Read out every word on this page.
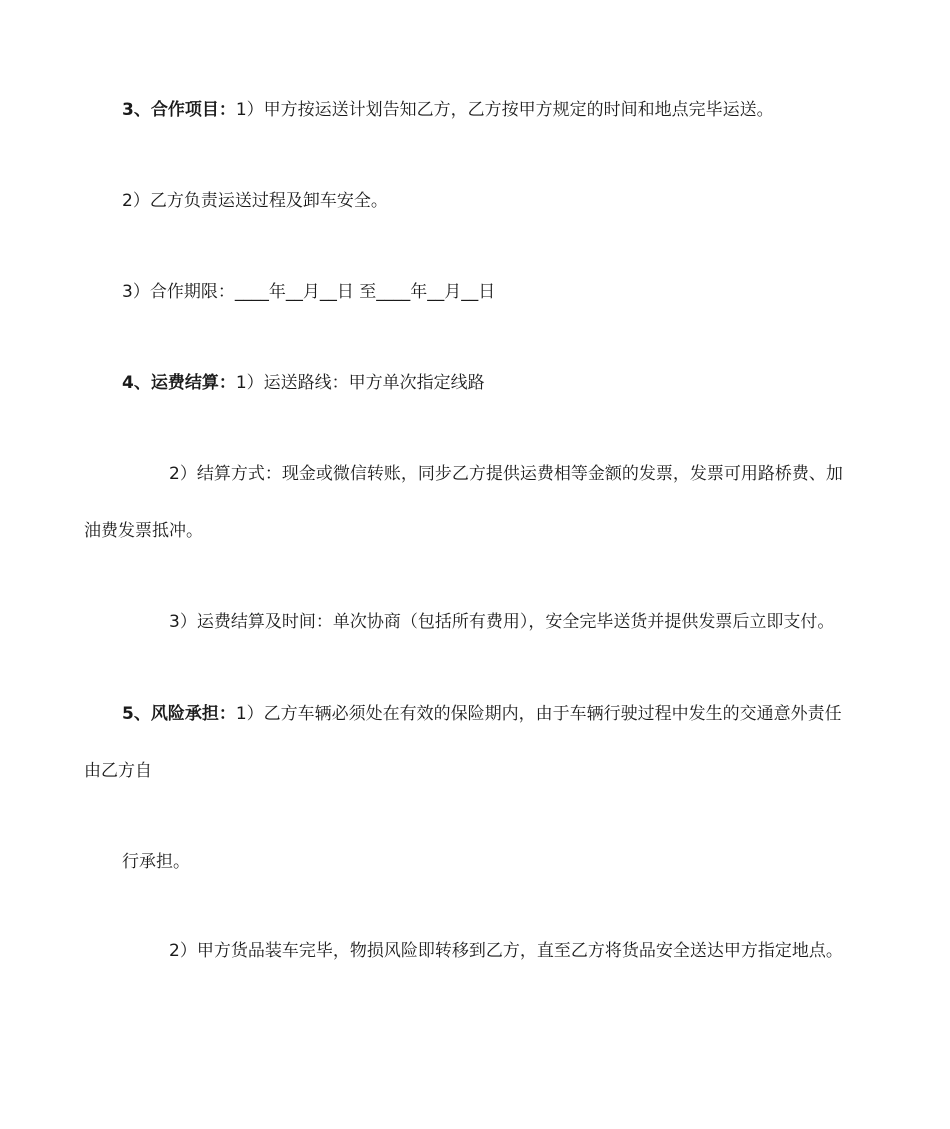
3、合作项目：1）甲方按运送计划告知乙方，乙方按甲方规定的时间和地点完毕运送。
2）乙方负责运送过程及卸车安全。
3）合作期限：____年__月__日 至____年__月__日
4、运费结算：1）运送路线：甲方单次指定线路
2）结算方式：现金或微信转账，同步乙方提供运费相等金额的发票，发票可用路桥费、加
油费发票抵冲。
3）运费结算及时间：单次协商（包括所有费用），安全完毕送货并提供发票后立即支付。
5、风险承担：1）乙方车辆必须处在有效的保险期内，由于车辆行驶过程中发生的交通意外责任
由乙方自
行承担。
2）甲方货品装车完毕，物损风险即转移到乙方，直至乙方将货品安全送达甲方指定地点。
